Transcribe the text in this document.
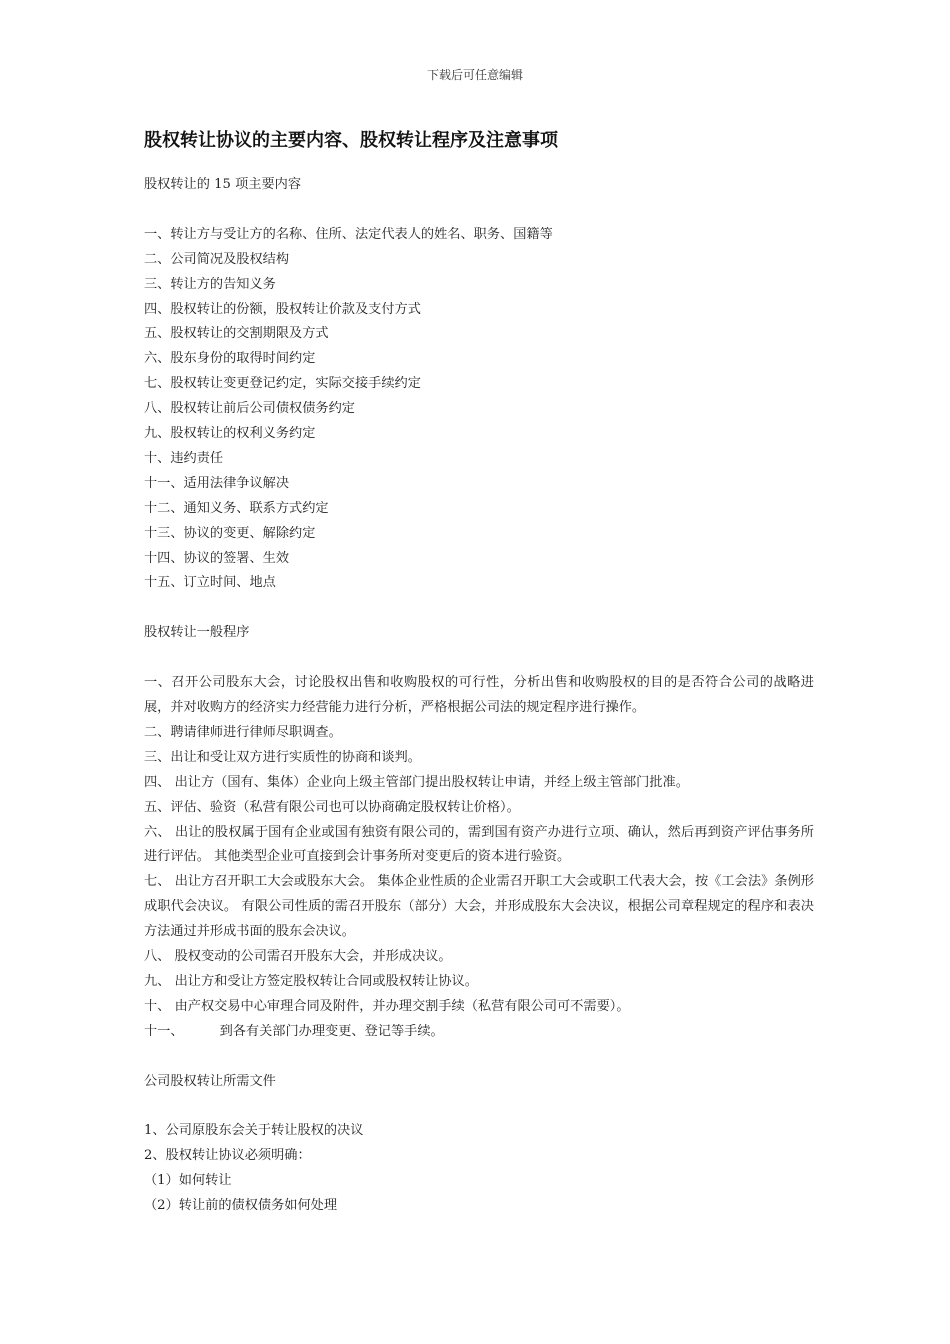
下载后可任意编辑
股权转让协议的主要内容、股权转让程序及注意事项
股权转让的 15 项主要内容
一、转让方与受让方的名称、住所、法定代表人的姓名、职务、国籍等
二、公司简况及股权结构
三、转让方的告知义务
四、股权转让的份额，股权转让价款及支付方式
五、股权转让的交割期限及方式
六、股东身份的取得时间约定
七、股权转让变更登记约定，实际交接手续约定
八、股权转让前后公司债权债务约定
九、股权转让的权利义务约定
十、违约责任
十一、适用法律争议解决
十二、通知义务、联系方式约定
十三、协议的变更、解除约定
十四、协议的签署、生效
十五、订立时间、地点
股权转让一般程序
一、召开公司股东大会，讨论股权出售和收购股权的可行性，分析出售和收购股权的目的是否符合公司的战略进展，并对收购方的经济实力经营能力进行分析，严格根据公司法的规定程序进行操作。
二、聘请律师进行律师尽职调查。
三、出让和受让双方进行实质性的协商和谈判。
四、 出让方（国有、集体）企业向上级主管部门提出股权转让申请，并经上级主管部门批准。
五、评估、验资（私营有限公司也可以协商确定股权转让价格）。
六、 出让的股权属于国有企业或国有独资有限公司的，需到国有资产办进行立项、确认，然后再到资产评估事务所进行评估。 其他类型企业可直接到会计事务所对变更后的资本进行验资。
七、 出让方召开职工大会或股东大会。 集体企业性质的企业需召开职工大会或职工代表大会，按《工会法》条例形成职代会决议。 有限公司性质的需召开股东（部分）大会，并形成股东大会决议，根据公司章程规定的程序和表决方法通过并形成书面的股东会决议。
八、 股权变动的公司需召开股东大会，并形成决议。
九、 出让方和受让方签定股权转让合同或股权转让协议。
十、 由产权交易中心审理合同及附件，并办理交割手续（私营有限公司可不需要）。
十一、	到各有关部门办理变更、登记等手续。
公司股权转让所需文件
1、公司原股东会关于转让股权的决议
2、股权转让协议必须明确：
（1）如何转让
（2）转让前的债权债务如何处理
